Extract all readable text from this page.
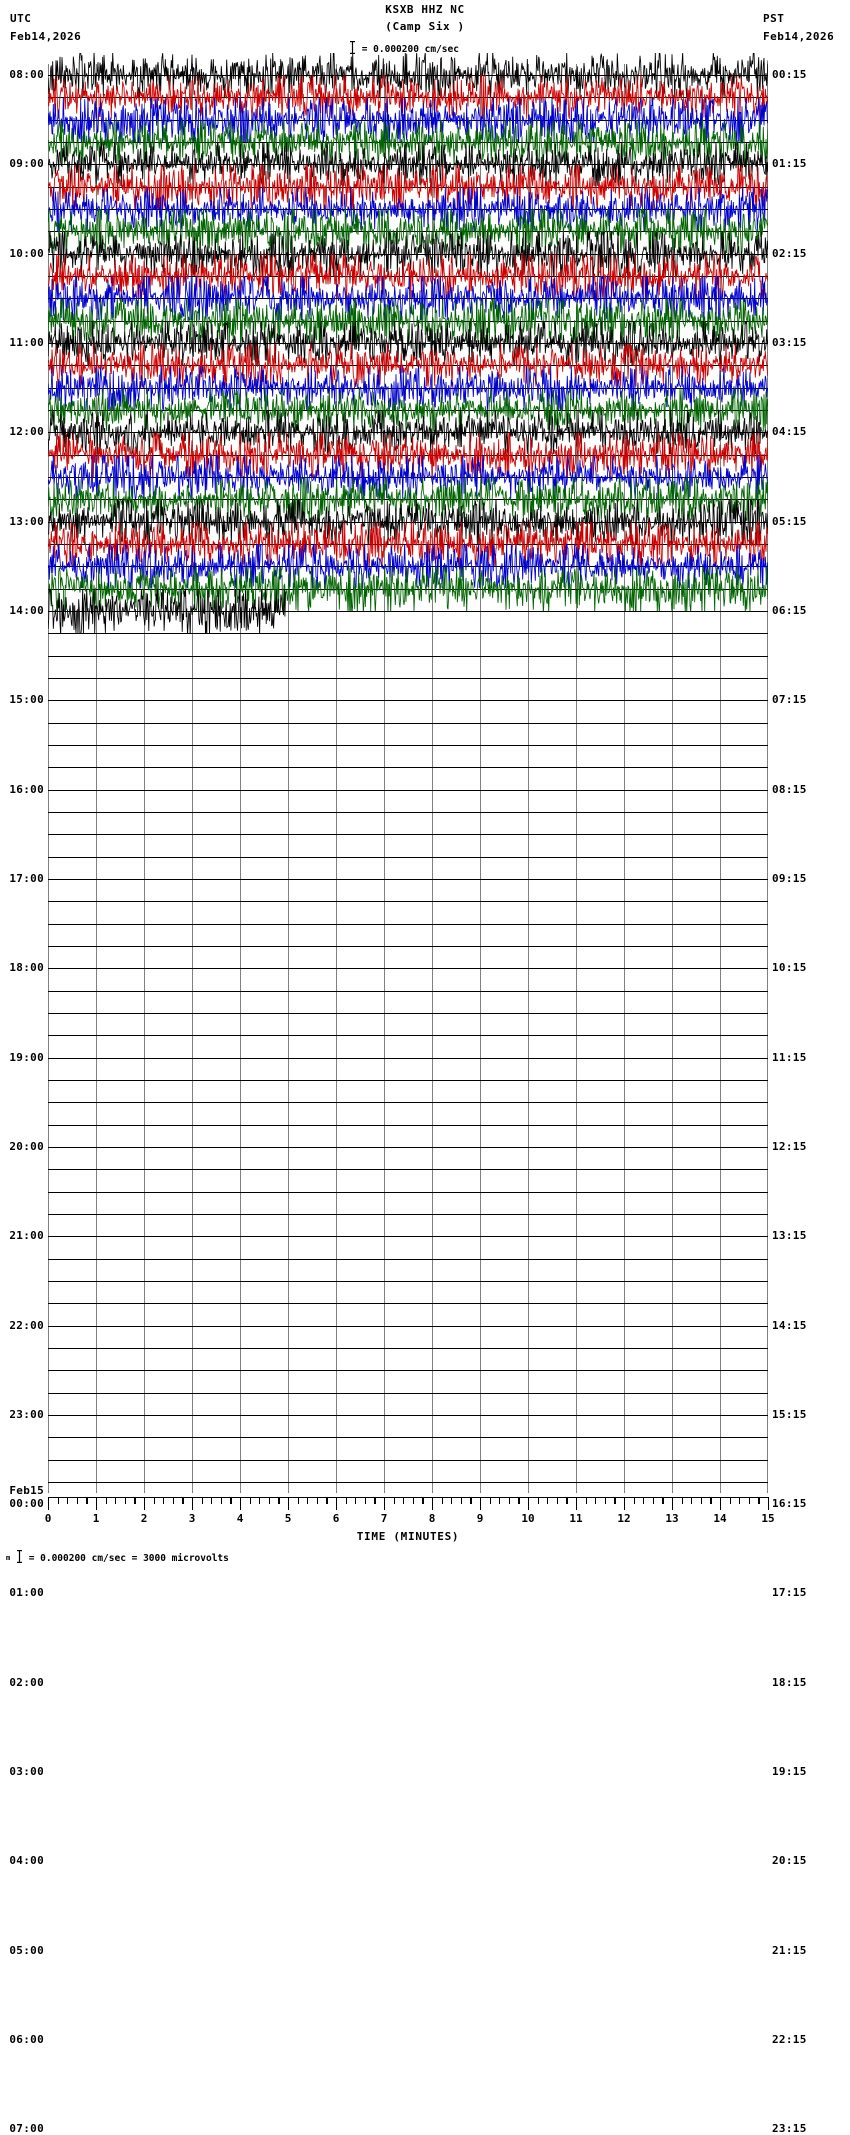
KSXB HHZ NC
(Camp Six )
UTC
Feb14,2026
PST
Feb14,2026
= 0.000200 cm/sec
08:00
09:00
10:00
11:00
12:00
13:00
14:00
15:00
16:00
17:00
18:00
19:00
20:00
21:00
22:00
23:00
00:00
01:00
02:00
03:00
04:00
05:00
06:00
07:00
00:15
01:15
02:15
03:15
04:15
05:15
06:15
07:15
08:15
09:15
10:15
11:15
12:15
13:15
14:15
15:15
16:15
17:15
18:15
19:15
20:15
21:15
22:15
23:15
Feb15
0	1	2	3	4	5	6	7	8	9	10	11	12	13	14	15
TIME (MINUTES)
m = 0.000200 cm/sec = 3000 microvolts
